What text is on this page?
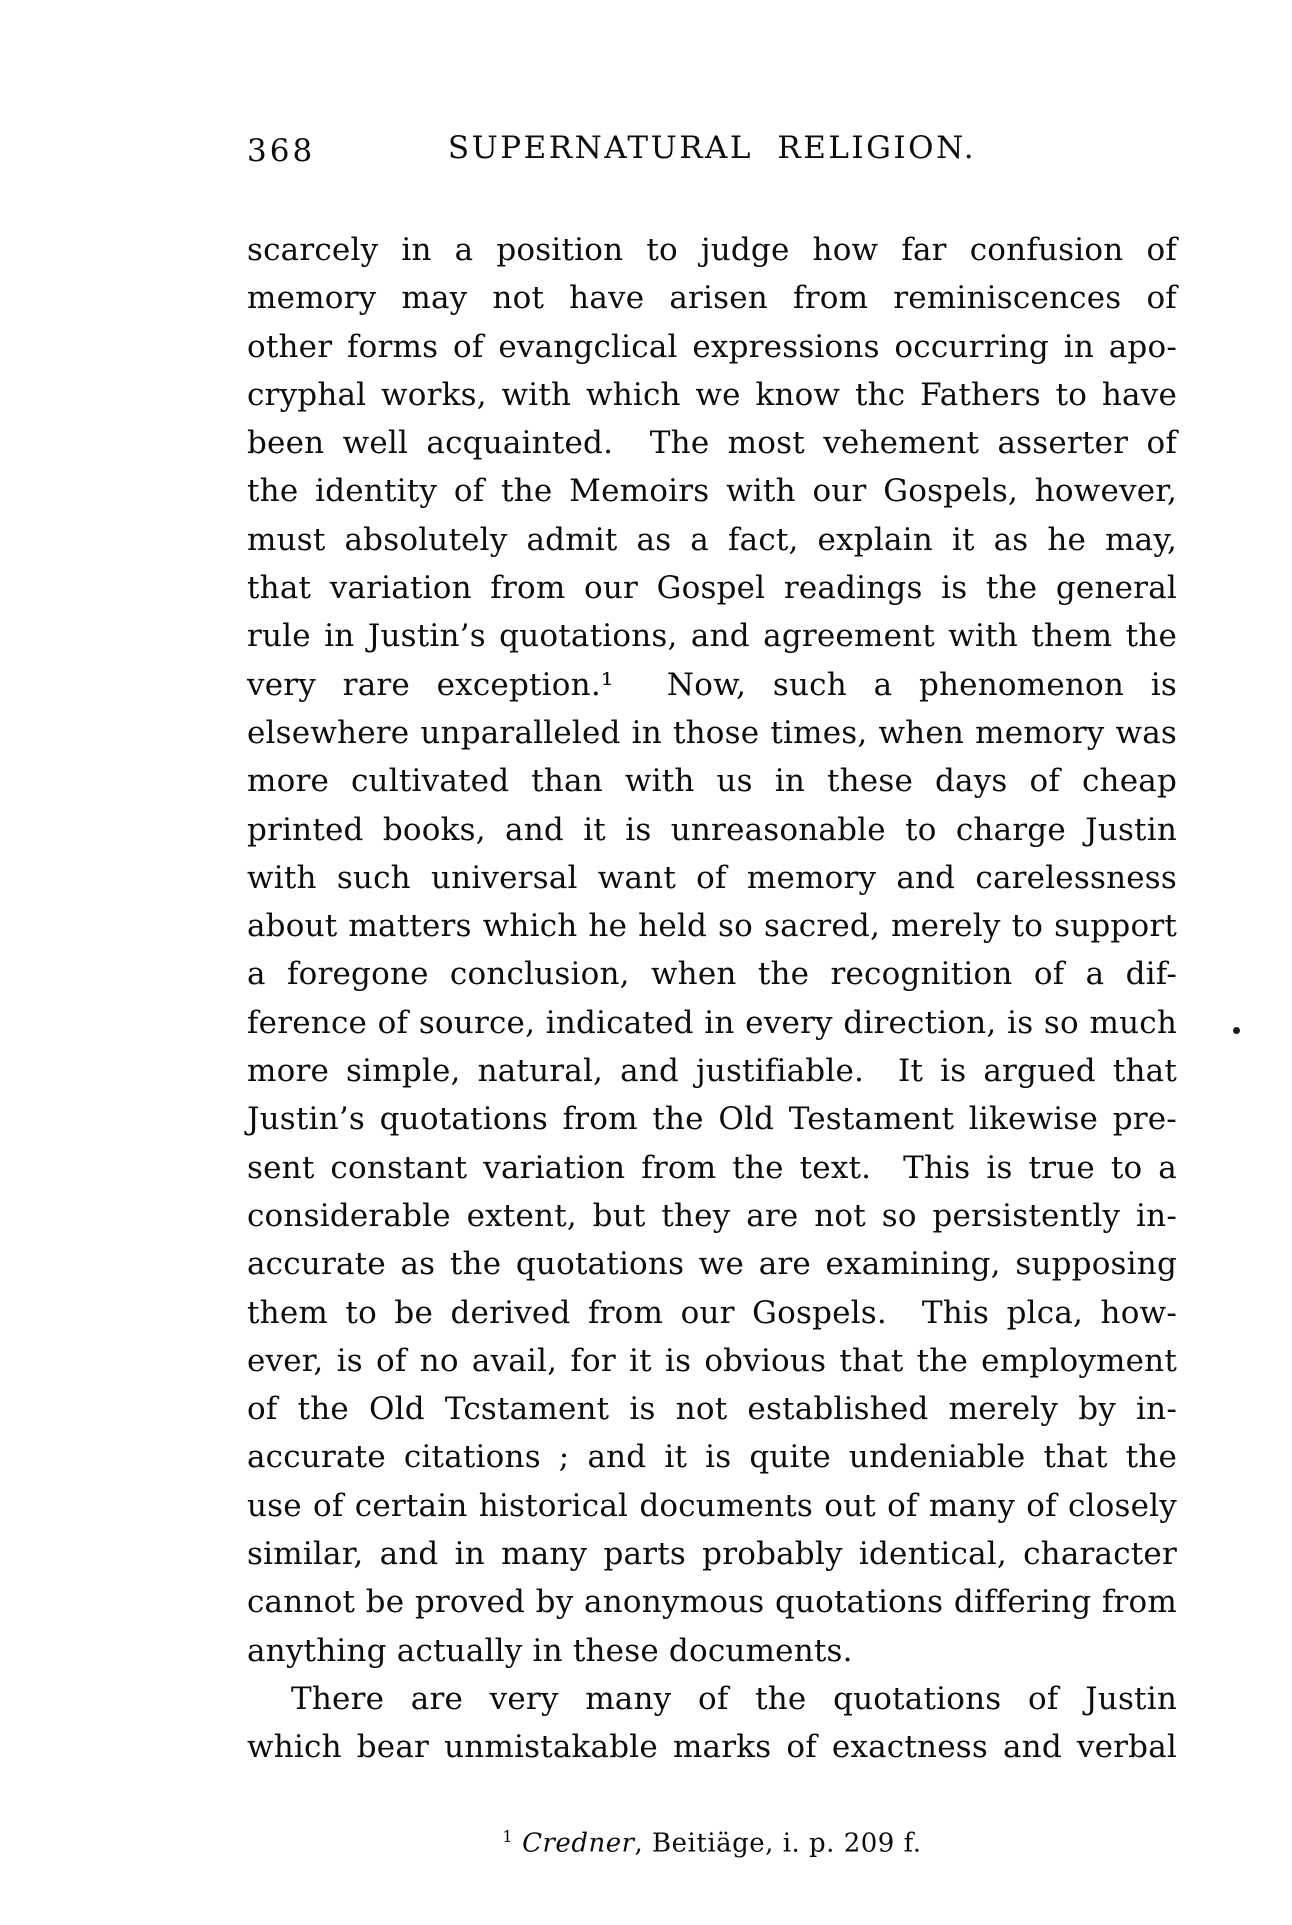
368	SUPERNATURAL RELIGION.
scarcely in a position to judge how far confusion of
memory may not have arisen from reminiscences of
other forms of evangclical expressions occurring in apo-
cryphal works, with which we know thc Fathers to have
been well acquainted.  The most vehement asserter of
the identity of the Memoirs with our Gospels, however,
must absolutely admit as a fact, explain it as he may,
that variation from our Gospel readings is the general
rule in Justin’s quotations, and agreement with them the
very rare exception.¹  Now, such a phenomenon is
elsewhere unparalleled in those times, when memory was
more cultivated than with us in these days of cheap
printed books, and it is unreasonable to charge Justin
with such universal want of memory and carelessness
about matters which he held so sacred, merely to support
a foregone conclusion, when the recognition of a dif-
ference of source, indicated in every direction, is so much
more simple, natural, and justifiable.  It is argued that
Justin’s quotations from the Old Testament likewise pre-
sent constant variation from the text.  This is true to a
considerable extent, but they are not so persistently in-
accurate as the quotations we are examining, supposing
them to be derived from our Gospels.  This plca, how-
ever, is of no avail, for it is obvious that the employment
of the Old Tcstament is not established merely by in-
accurate citations ; and it is quite undeniable that the
use of certain historical documents out of many of closely
similar, and in many parts probably identical, character
cannot be proved by anonymous quotations differing from
anything actually in these documents.
There are very many of the quotations of Justin
which bear unmistakable marks of exactness and verbal
$^1$ Credner, Beitiäge, i. p. 209 f.
